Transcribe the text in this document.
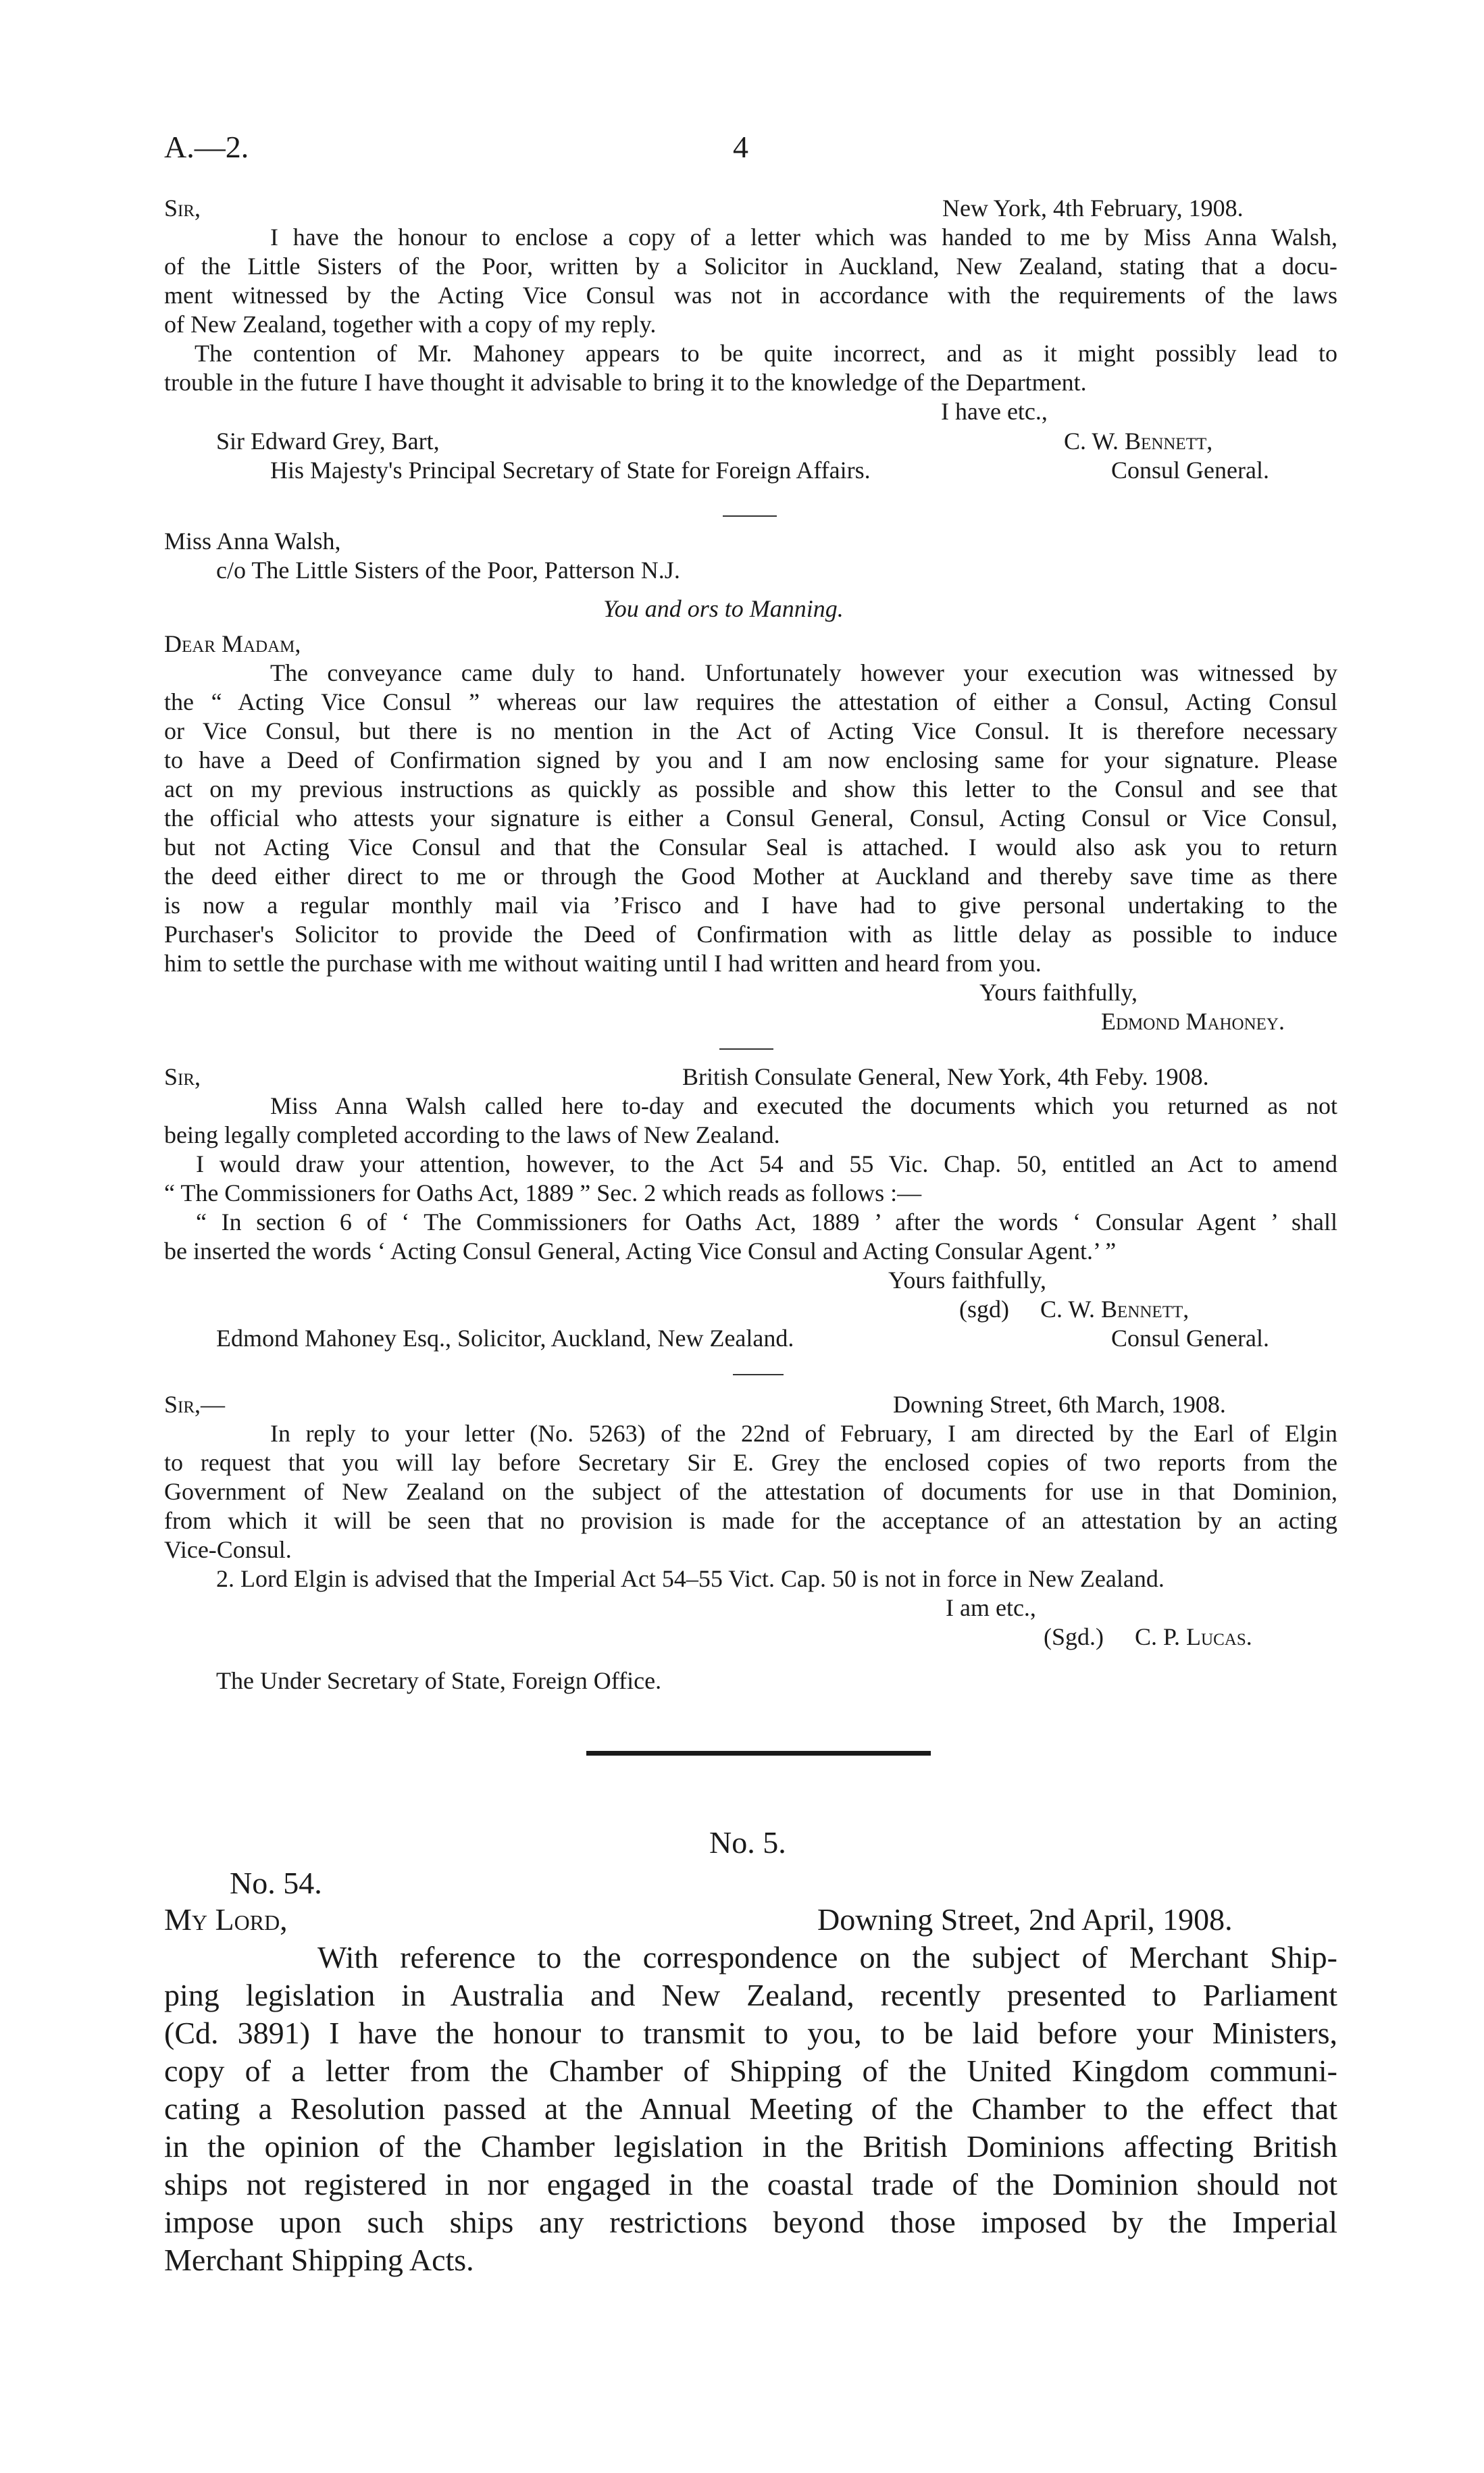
A.—2.	4
Sir,	New York, 4th February, 1908.
I have the honour to enclose a copy of a letter which was handed to me by Miss Anna Walsh,
of the Little Sisters of the Poor, written by a Solicitor in Auckland, New Zealand, stating that a docu-
ment witnessed by the Acting Vice Consul was not in accordance with the requirements of the laws
of New Zealand, together with a copy of my reply.
The contention of Mr. Mahoney appears to be quite incorrect, and as it might possibly lead to
trouble in the future I have thought it advisable to bring it to the knowledge of the Department.
I have etc.,
Sir Edward Grey, Bart,	C. W. Bennett,
His Majesty's Principal Secretary of State for Foreign Affairs.	Consul General.
Miss Anna Walsh,
c/o The Little Sisters of the Poor, Patterson N.J.
You and ors to Manning.
Dear Madam,
The conveyance came duly to hand. Unfortunately however your execution was witnessed by
the “ Acting Vice Consul ” whereas our law requires the attestation of either a Consul, Acting Consul
or Vice Consul, but there is no mention in the Act of Acting Vice Consul. It is therefore necessary
to have a Deed of Confirmation signed by you and I am now enclosing same for your signature. Please
act on my previous instructions as quickly as possible and show this letter to the Consul and see that
the official who attests your signature is either a Consul General, Consul, Acting Consul or Vice Consul,
but not Acting Vice Consul and that the Consular Seal is attached. I would also ask you to return
the deed either direct to me or through the Good Mother at Auckland and thereby save time as there
is now a regular monthly mail via ’Frisco and I have had to give personal undertaking to the
Purchaser's Solicitor to provide the Deed of Confirmation with as little delay as possible to induce
him to settle the purchase with me without waiting until I had written and heard from you.
Yours faithfully,
Edmond Mahoney.
Sir,	British Consulate General, New York, 4th Feby. 1908.
Miss Anna Walsh called here to-day and executed the documents which you returned as not
being legally completed according to the laws of New Zealand.
I would draw your attention, however, to the Act 54 and 55 Vic. Chap. 50, entitled an Act to amend
“ The Commissioners for Oaths Act, 1889 ” Sec. 2 which reads as follows :—
“ In section 6 of ‘ The Commissioners for Oaths Act, 1889 ’ after the words ‘ Consular Agent ’ shall
be inserted the words ‘ Acting Consul General, Acting Vice Consul and Acting Consular Agent.’ ”
Yours faithfully,
(sgd) C. W. Bennett,
Edmond Mahoney Esq., Solicitor, Auckland, New Zealand.	Consul General.
Sir,—	Downing Street, 6th March, 1908.
In reply to your letter (No. 5263) of the 22nd of February, I am directed by the Earl of Elgin
to request that you will lay before Secretary Sir E. Grey the enclosed copies of two reports from the
Government of New Zealand on the subject of the attestation of documents for use in that Dominion,
from which it will be seen that no provision is made for the acceptance of an attestation by an acting
Vice-Consul.
2. Lord Elgin is advised that the Imperial Act 54–55 Vict. Cap. 50 is not in force in New Zealand.
I am etc.,
(Sgd.) C. P. Lucas.
The Under Secretary of State, Foreign Office.
No. 5.
No. 54.
My Lord,	Downing Street, 2nd April, 1908.
With reference to the correspondence on the subject of Merchant Ship-
ping legislation in Australia and New Zealand, recently presented to Parliament
(Cd. 3891) I have the honour to transmit to you, to be laid before your Ministers,
copy of a letter from the Chamber of Shipping of the United Kingdom communi-
cating a Resolution passed at the Annual Meeting of the Chamber to the effect that
in the opinion of the Chamber legislation in the British Dominions affecting British
ships not registered in nor engaged in the coastal trade of the Dominion should not
impose upon such ships any restrictions beyond those imposed by the Imperial
Merchant Shipping Acts.
